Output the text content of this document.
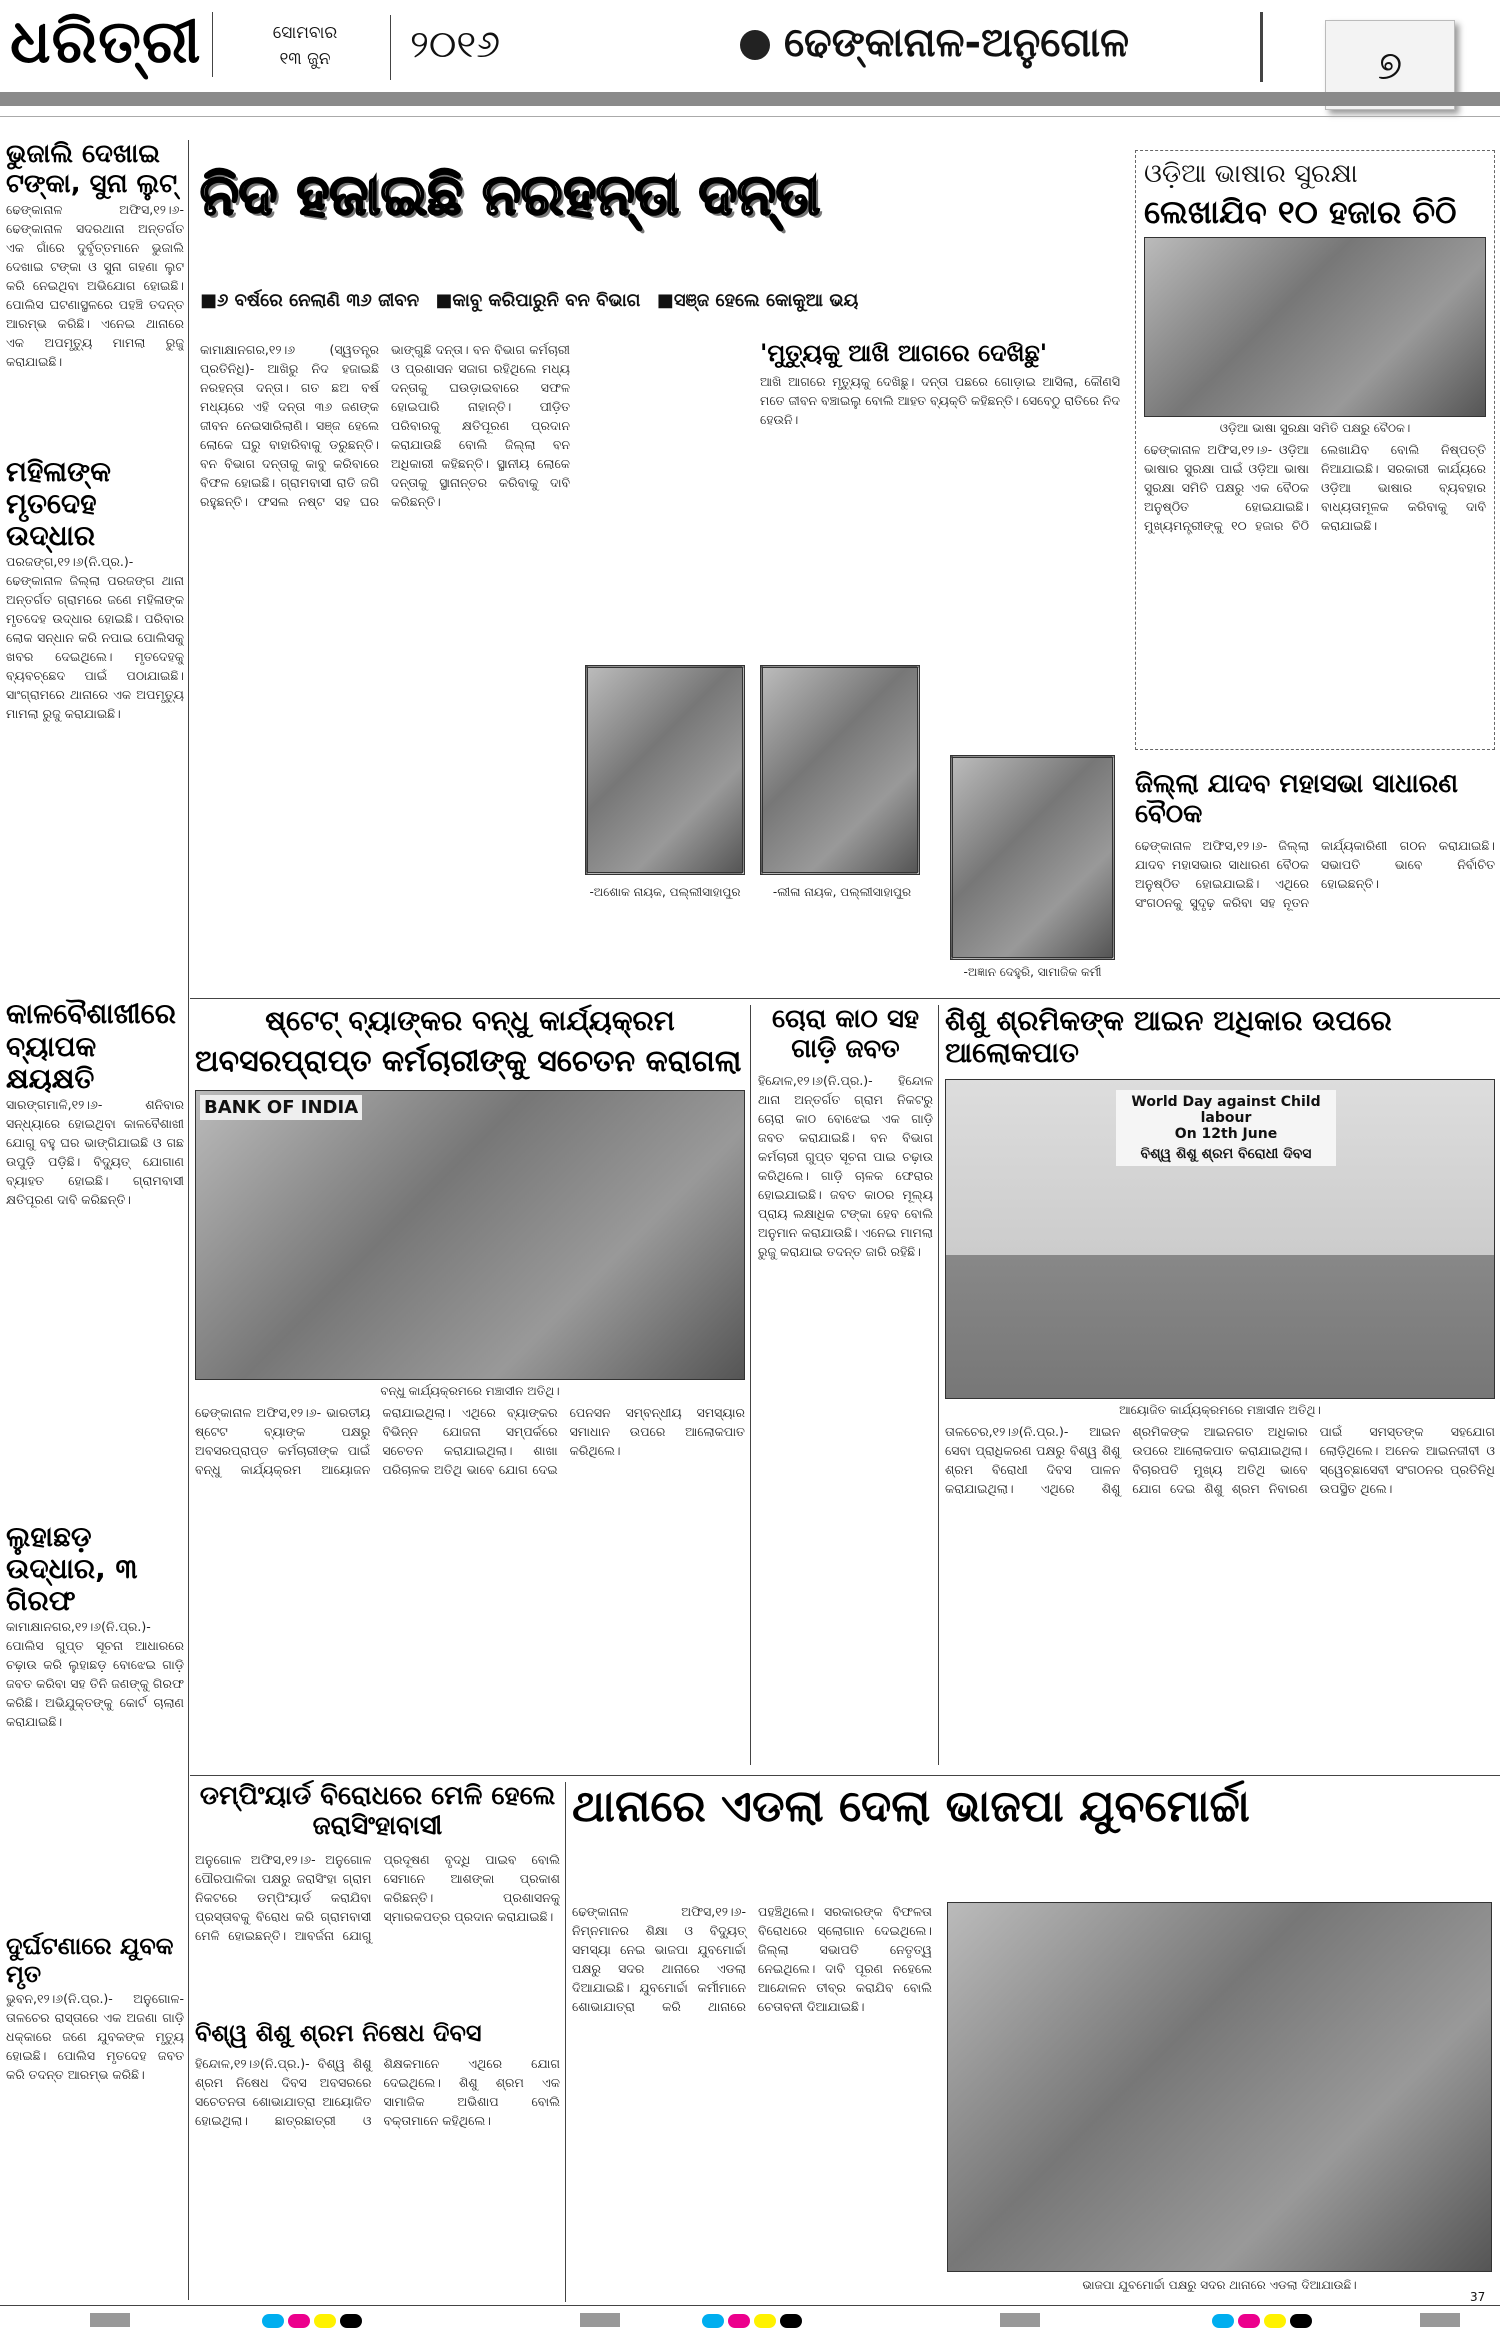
ଧରିତ୍ରୀ	ସୋମବାର
୧୩ ଜୁନ	୨୦୧୬	ଢେଙ୍କାନାଳ-ଅନୁଗୋଳ	୭
ଭୁଜାଲି ଦେଖାଇ ଟଙ୍କା, ସୁନା ଲୁଟ୍
ଢେଙ୍କାନାଳ ଅଫିସ,୧୨।୬- ଢେଙ୍କାନାଳ ସଦରଥାନା ଅନ୍ତର୍ଗତ ଏକ ଗାଁରେ ଦୁର୍ବୃତ୍ତମାନେ ଭୁଜାଲି ଦେଖାଇ ଟଙ୍କା ଓ ସୁନା ଗହଣା ଲୁଟ କରି ନେଇଥିବା ଅଭିଯୋଗ ହୋଇଛି। ପୋଲିସ ଘଟଣାସ୍ଥଳରେ ପହଞ୍ଚି ତଦନ୍ତ ଆରମ୍ଭ କରିଛି। ଏନେଇ ଥାନାରେ ଏକ ଅପମୃତ୍ୟୁ ମାମଲା ରୁଜୁ କରାଯାଇଛି।
ମହିଳାଙ୍କ ମୃତଦେହ ଉଦ୍ଧାର
ପରଜଙ୍ଗ,୧୨।୬(ନି.ପ୍ର.)- ଢେଙ୍କାନାଳ ଜିଲ୍ଲା ପରଜଙ୍ଗ ଥାନା ଅନ୍ତର୍ଗତ ଗ୍ରାମରେ ଜଣେ ମହିଳାଙ୍କ ମୃତଦେହ ଉଦ୍ଧାର ହୋଇଛି। ପରିବାର ଲୋକ ସନ୍ଧାନ କରି ନପାଇ ପୋଲିସକୁ ଖବର ଦେଇଥିଲେ। ମୃତଦେହକୁ ବ୍ୟବଚ୍ଛେଦ ପାଇଁ ପଠାଯାଇଛି। ସାଂଗ୍ରାମରେ ଥାନାରେ ଏକ ଅପମୃତ୍ୟୁ ମାମଲା ରୁଜୁ କରାଯାଇଛି।
କାଳବୈଶାଖୀରେ ବ୍ୟାପକ କ୍ଷୟକ୍ଷତି
ସାରଙ୍ଗମାଳି,୧୨।୬- ଶନିବାର ସନ୍ଧ୍ୟାରେ ହୋଇଥିବା କାଳବୈଶାଖୀ ଯୋଗୁ ବହୁ ଘର ଭାଙ୍ଗିଯାଇଛି ଓ ଗଛ ଉପୁଡ଼ି ପଡ଼ିଛି। ବିଦ୍ୟୁତ୍ ଯୋଗାଣ ବ୍ୟାହତ ହୋଇଛି। ଗ୍ରାମବାସୀ କ୍ଷତିପୂରଣ ଦାବି କରିଛନ୍ତି।
ଲୁହାଛଡ଼ ଉଦ୍ଧାର, ୩ ଗିରଫ
କାମାକ୍ଷାନଗର,୧୨।୬(ନି.ପ୍ର.)- ପୋଲିସ ଗୁପ୍ତ ସୂଚନା ଆଧାରରେ ଚଢ଼ାଉ କରି ଲୁହାଛଡ଼ ବୋଝେଇ ଗାଡ଼ି ଜବତ କରିବା ସହ ତିନି ଜଣଙ୍କୁ ଗିରଫ କରିଛି। ଅଭିଯୁକ୍ତଙ୍କୁ କୋର୍ଟ ଚାଲାଣ କରାଯାଇଛି।
ଦୁର୍ଘଟଣାରେ ଯୁବକ ମୃତ
ଭୁବନ,୧୨।୬(ନି.ପ୍ର.)- ଅନୁଗୋଳ-ତାଳଚେର ରାସ୍ତାରେ ଏକ ଅଜଣା ଗାଡ଼ି ଧକ୍କାରେ ଜଣେ ଯୁବକଙ୍କ ମୃତ୍ୟୁ ହୋଇଛି। ପୋଲିସ ମୃତଦେହ ଜବତ କରି ତଦନ୍ତ ଆରମ୍ଭ କରିଛି।
ନିଦ ହଜାଇଛି ନରହନ୍ତା ଦନ୍ତା
■୬ ବର୍ଷରେ ନେଲାଣି ୩୬ ଜୀବନ ■କାବୁ କରିପାରୁନି ବନ ବିଭାଗ ■ସଞ୍ଜ ହେଲେ କୋକୁଆ ଭୟ
କାମାକ୍ଷାନଗର,୧୨।୬ (ସ୍ୱତନ୍ତ୍ର ପ୍ରତିନିଧି)- ଆଖିରୁ ନିଦ ହଜାଇଛି ନରହନ୍ତା ଦନ୍ତା। ଗତ ଛଅ ବର୍ଷ ମଧ୍ୟରେ ଏହି ଦନ୍ତା ୩୬ ଜଣଙ୍କ ଜୀବନ ନେଇସାରିଲାଣି। ସଞ୍ଜ ହେଲେ ଲୋକେ ଘରୁ ବାହାରିବାକୁ ଡରୁଛନ୍ତି। ବନ ବିଭାଗ ଦନ୍ତାକୁ କାବୁ କରିବାରେ ବିଫଳ ହୋଇଛି। ଗ୍ରାମବାସୀ ରାତି ଜଗି ରହୁଛନ୍ତି। ଫସଲ ନଷ୍ଟ ସହ ଘର ଭାଙ୍ଗୁଛି ଦନ୍ତା। ବନ ବିଭାଗ କର୍ମଚାରୀ ଓ ପ୍ରଶାସନ ସଜାଗ ରହିଥିଲେ ମଧ୍ୟ ଦନ୍ତାକୁ ଘଉଡ଼ାଇବାରେ ସଫଳ ହୋଇପାରି ନାହାନ୍ତି। ପୀଡ଼ିତ ପରିବାରକୁ କ୍ଷତିପୂରଣ ପ୍ରଦାନ କରାଯାଉଛି ବୋଲି ଜିଲ୍ଲା ବନ ଅଧିକାରୀ କହିଛନ୍ତି। ସ୍ଥାନୀୟ ଲୋକେ ଦନ୍ତାକୁ ସ୍ଥାନାନ୍ତର କରିବାକୁ ଦାବି କରିଛନ୍ତି।
'ମୁତ୍ୟୁକୁ ଆଖି ଆଗରେ ଦେଖିଛୁ'
ଆଖି ଆଗରେ ମୃତ୍ୟୁକୁ ଦେଖିଛୁ। ଦନ୍ତା ପଛରେ ଗୋଡ଼ାଇ ଆସିଲା, କୌଣସି ମତେ ଜୀବନ ବଞ୍ଚାଇଲୁ ବୋଲି ଆହତ ବ୍ୟକ୍ତି କହିଛନ୍ତି। ସେବେଠୁ ରାତିରେ ନିଦ ହେଉନି।
-ଅଶୋକ ନାୟକ, ପଲ୍ଲୀସାହାପୁର	-ଲୀଳା ନାୟକ, ପଲ୍ଲୀସାହାପୁର
-ଅଜ୍ଞାନ ଦେହୁରି, ସାମାଜିକ କର୍ମୀ
ଓଡ଼ିଆ ଭାଷାର ସୁରକ୍ଷା
ଲେଖାଯିବ ୧୦ ହଜାର ଚିଠି
ଓଡ଼ିଆ ଭାଷା ସୁରକ୍ଷା ସମିତି ପକ୍ଷରୁ ବୈଠକ।
ଢେଙ୍କାନାଳ ଅଫିସ,୧୨।୬- ଓଡ଼ିଆ ଭାଷାର ସୁରକ୍ଷା ପାଇଁ ଓଡ଼ିଆ ଭାଷା ସୁରକ୍ଷା ସମିତି ପକ୍ଷରୁ ଏକ ବୈଠକ ଅନୁଷ୍ଠିତ ହୋଇଯାଇଛି। ମୁଖ୍ୟମନ୍ତ୍ରୀଙ୍କୁ ୧୦ ହଜାର ଚିଠି ଲେଖାଯିବ ବୋଲି ନିଷ୍ପତ୍ତି ନିଆଯାଇଛି। ସରକାରୀ କାର୍ଯ୍ୟରେ ଓଡ଼ିଆ ଭାଷାର ବ୍ୟବହାର ବାଧ୍ୟତାମୂଳକ କରିବାକୁ ଦାବି କରାଯାଇଛି।
ଜିଲ୍ଲା ଯାଦବ ମହାସଭା ସାଧାରଣ ବୈଠକ
ଢେଙ୍କାନାଳ ଅଫିସ,୧୨।୬- ଜିଲ୍ଲା ଯାଦବ ମହାସଭାର ସାଧାରଣ ବୈଠକ ଅନୁଷ୍ଠିତ ହୋଇଯାଇଛି। ଏଥିରେ ସଂଗଠନକୁ ସୁଦୃଢ଼ କରିବା ସହ ନୂତନ କାର୍ଯ୍ୟକାରିଣୀ ଗଠନ କରାଯାଇଛି। ସଭାପତି ଭାବେ ନିର୍ବାଚିତ ହୋଇଛନ୍ତି।
ଷ୍ଟେଟ୍ ବ୍ୟାଙ୍କର ବନ୍ଧୁ କାର୍ଯ୍ୟକ୍ରମ
ଅବସରପ୍ରାପ୍ତ କର୍ମଚାରୀଙ୍କୁ ସଚେତନ କରାଗଲା
BANK OF INDIA
ବନ୍ଧୁ କାର୍ଯ୍ୟକ୍ରମରେ ମଞ୍ଚାସୀନ ଅତିଥି।
ଢେଙ୍କାନାଳ ଅଫିସ,୧୨।୬- ଭାରତୀୟ ଷ୍ଟେଟ ବ୍ୟାଙ୍କ ପକ୍ଷରୁ ଅବସରପ୍ରାପ୍ତ କର୍ମଚାରୀଙ୍କ ପାଇଁ ବନ୍ଧୁ କାର୍ଯ୍ୟକ୍ରମ ଆୟୋଜନ କରାଯାଇଥିଲା। ଏଥିରେ ବ୍ୟାଙ୍କର ବିଭିନ୍ନ ଯୋଜନା ସମ୍ପର୍କରେ ସଚେତନ କରାଯାଇଥିଲା। ଶାଖା ପରିଚାଳକ ଅତିଥି ଭାବେ ଯୋଗ ଦେଇ ପେନସନ ସମ୍ବନ୍ଧୀୟ ସମସ୍ୟାର ସମାଧାନ ଉପରେ ଆଲୋକପାତ କରିଥିଲେ।
ଚୋରା କାଠ ସହ ଗାଡ଼ି ଜବତ
ହିନ୍ଦୋଳ,୧୨।୬(ନି.ପ୍ର.)- ହିନ୍ଦୋଳ ଥାନା ଅନ୍ତର୍ଗତ ଗ୍ରାମ ନିକଟରୁ ଚୋରା କାଠ ବୋଝେଇ ଏକ ଗାଡ଼ି ଜବତ କରାଯାଇଛି। ବନ ବିଭାଗ କର୍ମଚାରୀ ଗୁପ୍ତ ସୂଚନା ପାଇ ଚଢ଼ାଉ କରିଥିଲେ। ଗାଡ଼ି ଚାଳକ ଫେରାର ହୋଇଯାଇଛି। ଜବତ କାଠର ମୂଲ୍ୟ ପ୍ରାୟ ଲକ୍ଷାଧିକ ଟଙ୍କା ହେବ ବୋଲି ଅନୁମାନ କରାଯାଉଛି। ଏନେଇ ମାମଲା ରୁଜୁ କରାଯାଇ ତଦନ୍ତ ଜାରି ରହିଛି।
ଶିଶୁ ଶ୍ରମିକଙ୍କ ଆଇନ ଅଧିକାର ଉପରେ ଆଲୋକପାତ
World Day against Child labour
On 12th June
ବିଶ୍ୱ ଶିଶୁ ଶ୍ରମ ବିରୋଧୀ ଦିବସ
ଆୟୋଜିତ କାର୍ଯ୍ୟକ୍ରମରେ ମଞ୍ଚାସୀନ ଅତିଥି।
ତାଳଚେର,୧୨।୬(ନି.ପ୍ର.)- ଆଇନ ସେବା ପ୍ରାଧିକରଣ ପକ୍ଷରୁ ବିଶ୍ୱ ଶିଶୁ ଶ୍ରମ ବିରୋଧୀ ଦିବସ ପାଳନ କରାଯାଇଥିଲା। ଏଥିରେ ଶିଶୁ ଶ୍ରମିକଙ୍କ ଆଇନଗତ ଅଧିକାର ଉପରେ ଆଲୋକପାତ କରାଯାଇଥିଲା। ବିଚାରପତି ମୁଖ୍ୟ ଅତିଥି ଭାବେ ଯୋଗ ଦେଇ ଶିଶୁ ଶ୍ରମ ନିବାରଣ ପାଇଁ ସମସ୍ତଙ୍କ ସହଯୋଗ ଲୋଡ଼ିଥିଲେ। ଅନେକ ଆଇନଜୀବୀ ଓ ସ୍ୱେଚ୍ଛାସେବୀ ସଂଗଠନର ପ୍ରତିନିଧି ଉପସ୍ଥିତ ଥିଲେ।
ଡମ୍ପିଂୟାର୍ଡ ବିରୋଧରେ ମେଳି ହେଲେ ଜରାସିଂହାବାସୀ
ଅନୁଗୋଳ ଅଫିସ,୧୨।୬- ଅନୁଗୋଳ ପୌରପାଳିକା ପକ୍ଷରୁ ଜରାସିଂହା ଗ୍ରାମ ନିକଟରେ ଡମ୍ପିଂୟାର୍ଡ କରାଯିବା ପ୍ରସ୍ତାବକୁ ବିରୋଧ କରି ଗ୍ରାମବାସୀ ମେଳି ହୋଇଛନ୍ତି। ଆବର୍ଜନା ଯୋଗୁ ପ୍ରଦୂଷଣ ବୃଦ୍ଧି ପାଇବ ବୋଲି ସେମାନେ ଆଶଙ୍କା ପ୍ରକାଶ କରିଛନ୍ତି। ପ୍ରଶାସନକୁ ସ୍ମାରକପତ୍ର ପ୍ରଦାନ କରାଯାଇଛି।
ବିଶ୍ୱ ଶିଶୁ ଶ୍ରମ ନିଷେଧ ଦିବସ
ହିନ୍ଦୋଳ,୧୨।୬(ନି.ପ୍ର.)- ବିଶ୍ୱ ଶିଶୁ ଶ୍ରମ ନିଷେଧ ଦିବସ ଅବସରରେ ସଚେତନତା ଶୋଭାଯାତ୍ରା ଆୟୋଜିତ ହୋଇଥିଲା। ଛାତ୍ରଛାତ୍ରୀ ଓ ଶିକ୍ଷକମାନେ ଏଥିରେ ଯୋଗ ଦେଇଥିଲେ। ଶିଶୁ ଶ୍ରମ ଏକ ସାମାଜିକ ଅଭିଶାପ ବୋଲି ବକ୍ତାମାନେ କହିଥିଲେ।
ଥାନାରେ ଏଡଲା ଦେଲା ଭାଜପା ଯୁବମୋର୍ଚ୍ଚା
ଢେଙ୍କାନାଳ ଅଫିସ,୧୨।୬- ନିମ୍ନମାନର ଶିକ୍ଷା ଓ ବିଦ୍ୟୁତ୍ ସମସ୍ୟା ନେଇ ଭାଜପା ଯୁବମୋର୍ଚ୍ଚା ପକ୍ଷରୁ ସଦର ଥାନାରେ ଏଡଲା ଦିଆଯାଇଛି। ଯୁବମୋର୍ଚ୍ଚା କର୍ମୀମାନେ ଶୋଭାଯାତ୍ରା କରି ଥାନାରେ ପହଞ୍ଚିଥିଲେ। ସରକାରଙ୍କ ବିଫଳତା ବିରୋଧରେ ସ୍ଲୋଗାନ ଦେଇଥିଲେ। ଜିଲ୍ଲା ସଭାପତି ନେତୃତ୍ୱ ନେଇଥିଲେ। ଦାବି ପୂରଣ ନହେଲେ ଆନ୍ଦୋଳନ ତୀବ୍ର କରାଯିବ ବୋଲି ଚେତାବନୀ ଦିଆଯାଇଛି।
ଭାଜପା ଯୁବମୋର୍ଚ୍ଚା ପକ୍ଷରୁ ସଦର ଥାନାରେ ଏଡଲା ଦିଆଯାଉଛି।
37
